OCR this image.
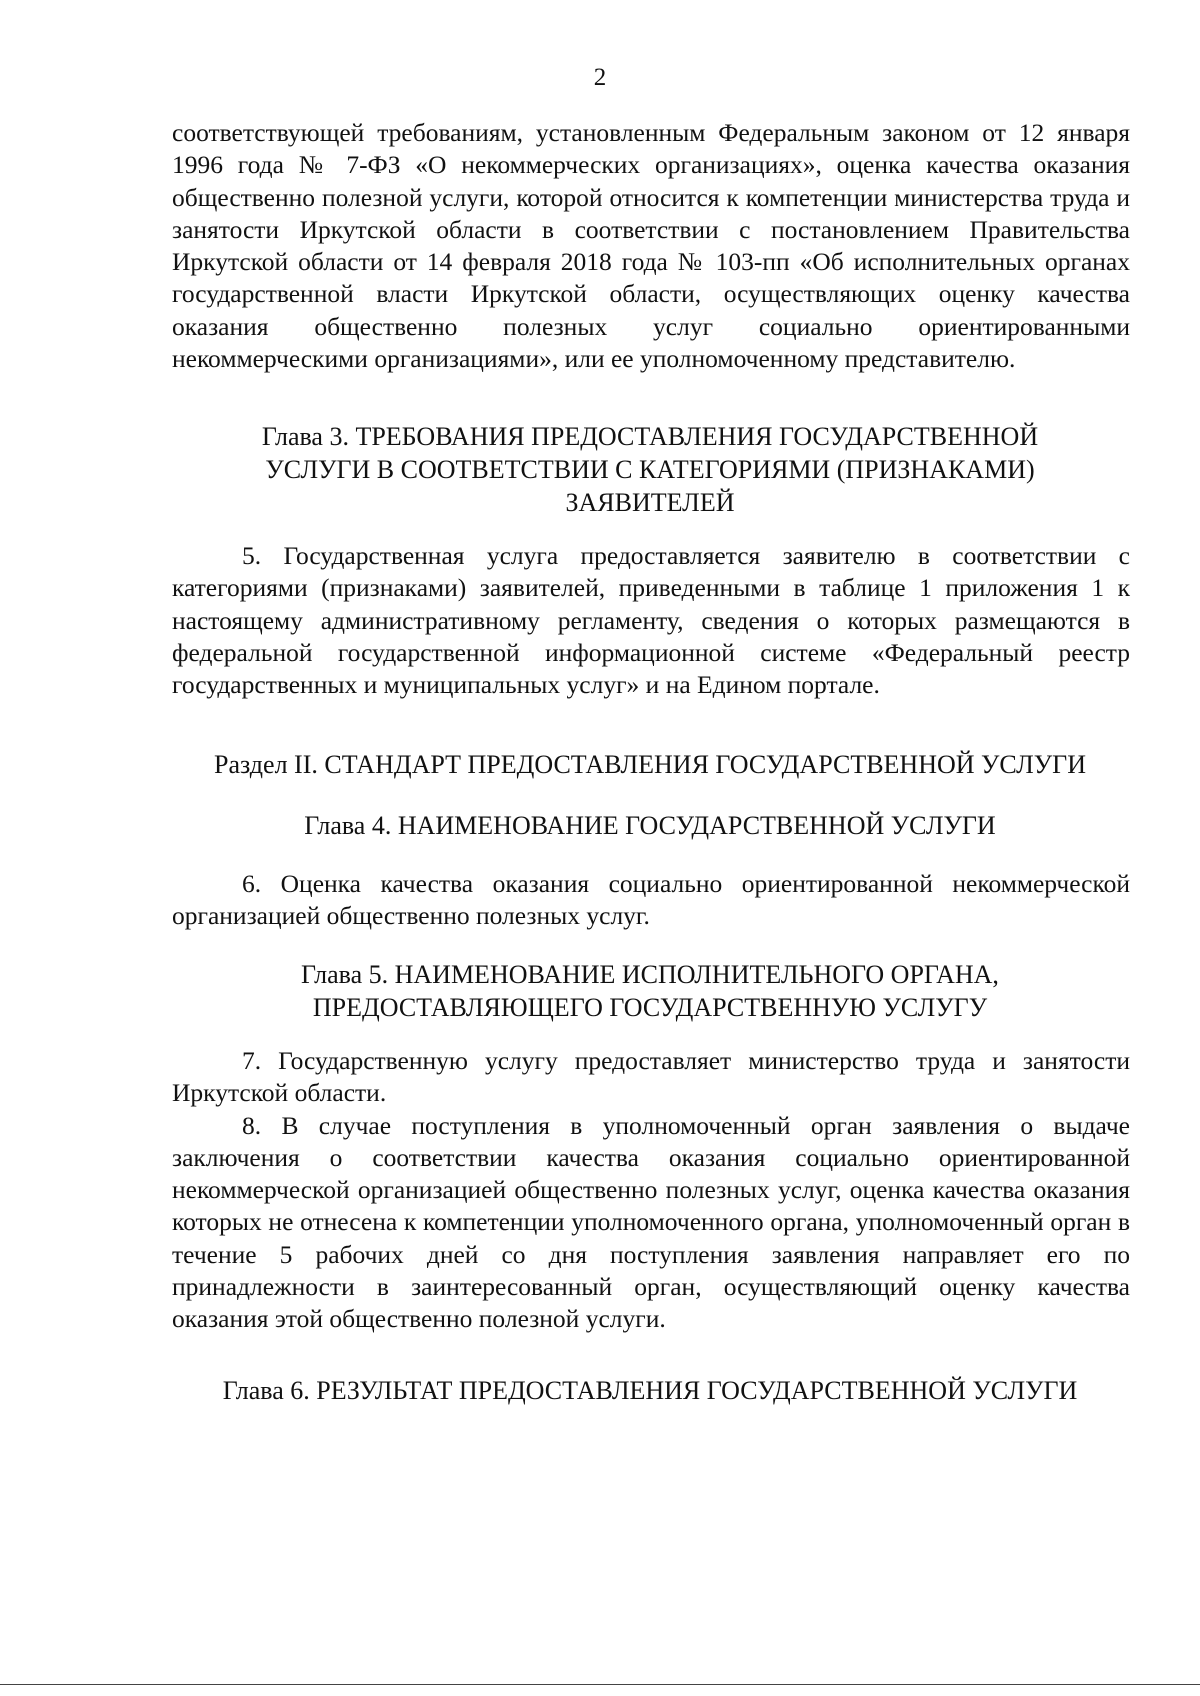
2

соответствующей требованиям, установленным Федеральным законом от 12 января 1996 года № 7-ФЗ «О некоммерческих организациях», оценка качества оказания общественно полезной услуги, которой относится к компетенции министерства труда и занятости Иркутской области в соответствии с постановлением Правительства Иркутской области от 14 февраля 2018 года № 103-пп «Об исполнительных органах государственной власти Иркутской области, осуществляющих оценку качества оказания общественно полезных услуг социально ориентированными некоммерческими организациями», или ее уполномоченному представителю.

Глава 3. ТРЕБОВАНИЯ ПРЕДОСТАВЛЕНИЯ ГОСУДАРСТВЕННОЙ
УСЛУГИ В СООТВЕТСТВИИ С КАТЕГОРИЯМИ (ПРИЗНАКАМИ)
ЗАЯВИТЕЛЕЙ

5. Государственная услуга предоставляется заявителю в соответствии с категориями (признаками) заявителей, приведенными в таблице 1 приложения 1 к настоящему административному регламенту, сведения о которых размещаются в федеральной государственной информационной системе «Федеральный реестр государственных и муниципальных услуг» и на Едином портале.

Раздел II. СТАНДАРТ ПРЕДОСТАВЛЕНИЯ ГОСУДАРСТВЕННОЙ УСЛУГИ
Глава 4. НАИМЕНОВАНИЕ ГОСУДАРСТВЕННОЙ УСЛУГИ

6. Оценка качества оказания социально ориентированной некоммерческой организацией общественно полезных услуг.

Глава 5. НАИМЕНОВАНИЕ ИСПОЛНИТЕЛЬНОГО ОРГАНА,
ПРЕДОСТАВЛЯЮЩЕГО ГОСУДАРСТВЕННУЮ УСЛУГУ

7. Государственную услугу предоставляет министерство труда и занятости Иркутской области.

8. В случае поступления в уполномоченный орган заявления о выдаче заключения о соответствии качества оказания социально ориентированной некоммерческой организацией общественно полезных услуг, оценка качества оказания которых не отнесена к компетенции уполномоченного органа, уполномоченный орган в течение 5 рабочих дней со дня поступления заявления направляет его по принадлежности в заинтересованный орган, осуществляющий оценку качества оказания этой общественно полезной услуги.

Глава 6. РЕЗУЛЬТАТ ПРЕДОСТАВЛЕНИЯ ГОСУДАРСТВЕННОЙ УСЛУГИ
